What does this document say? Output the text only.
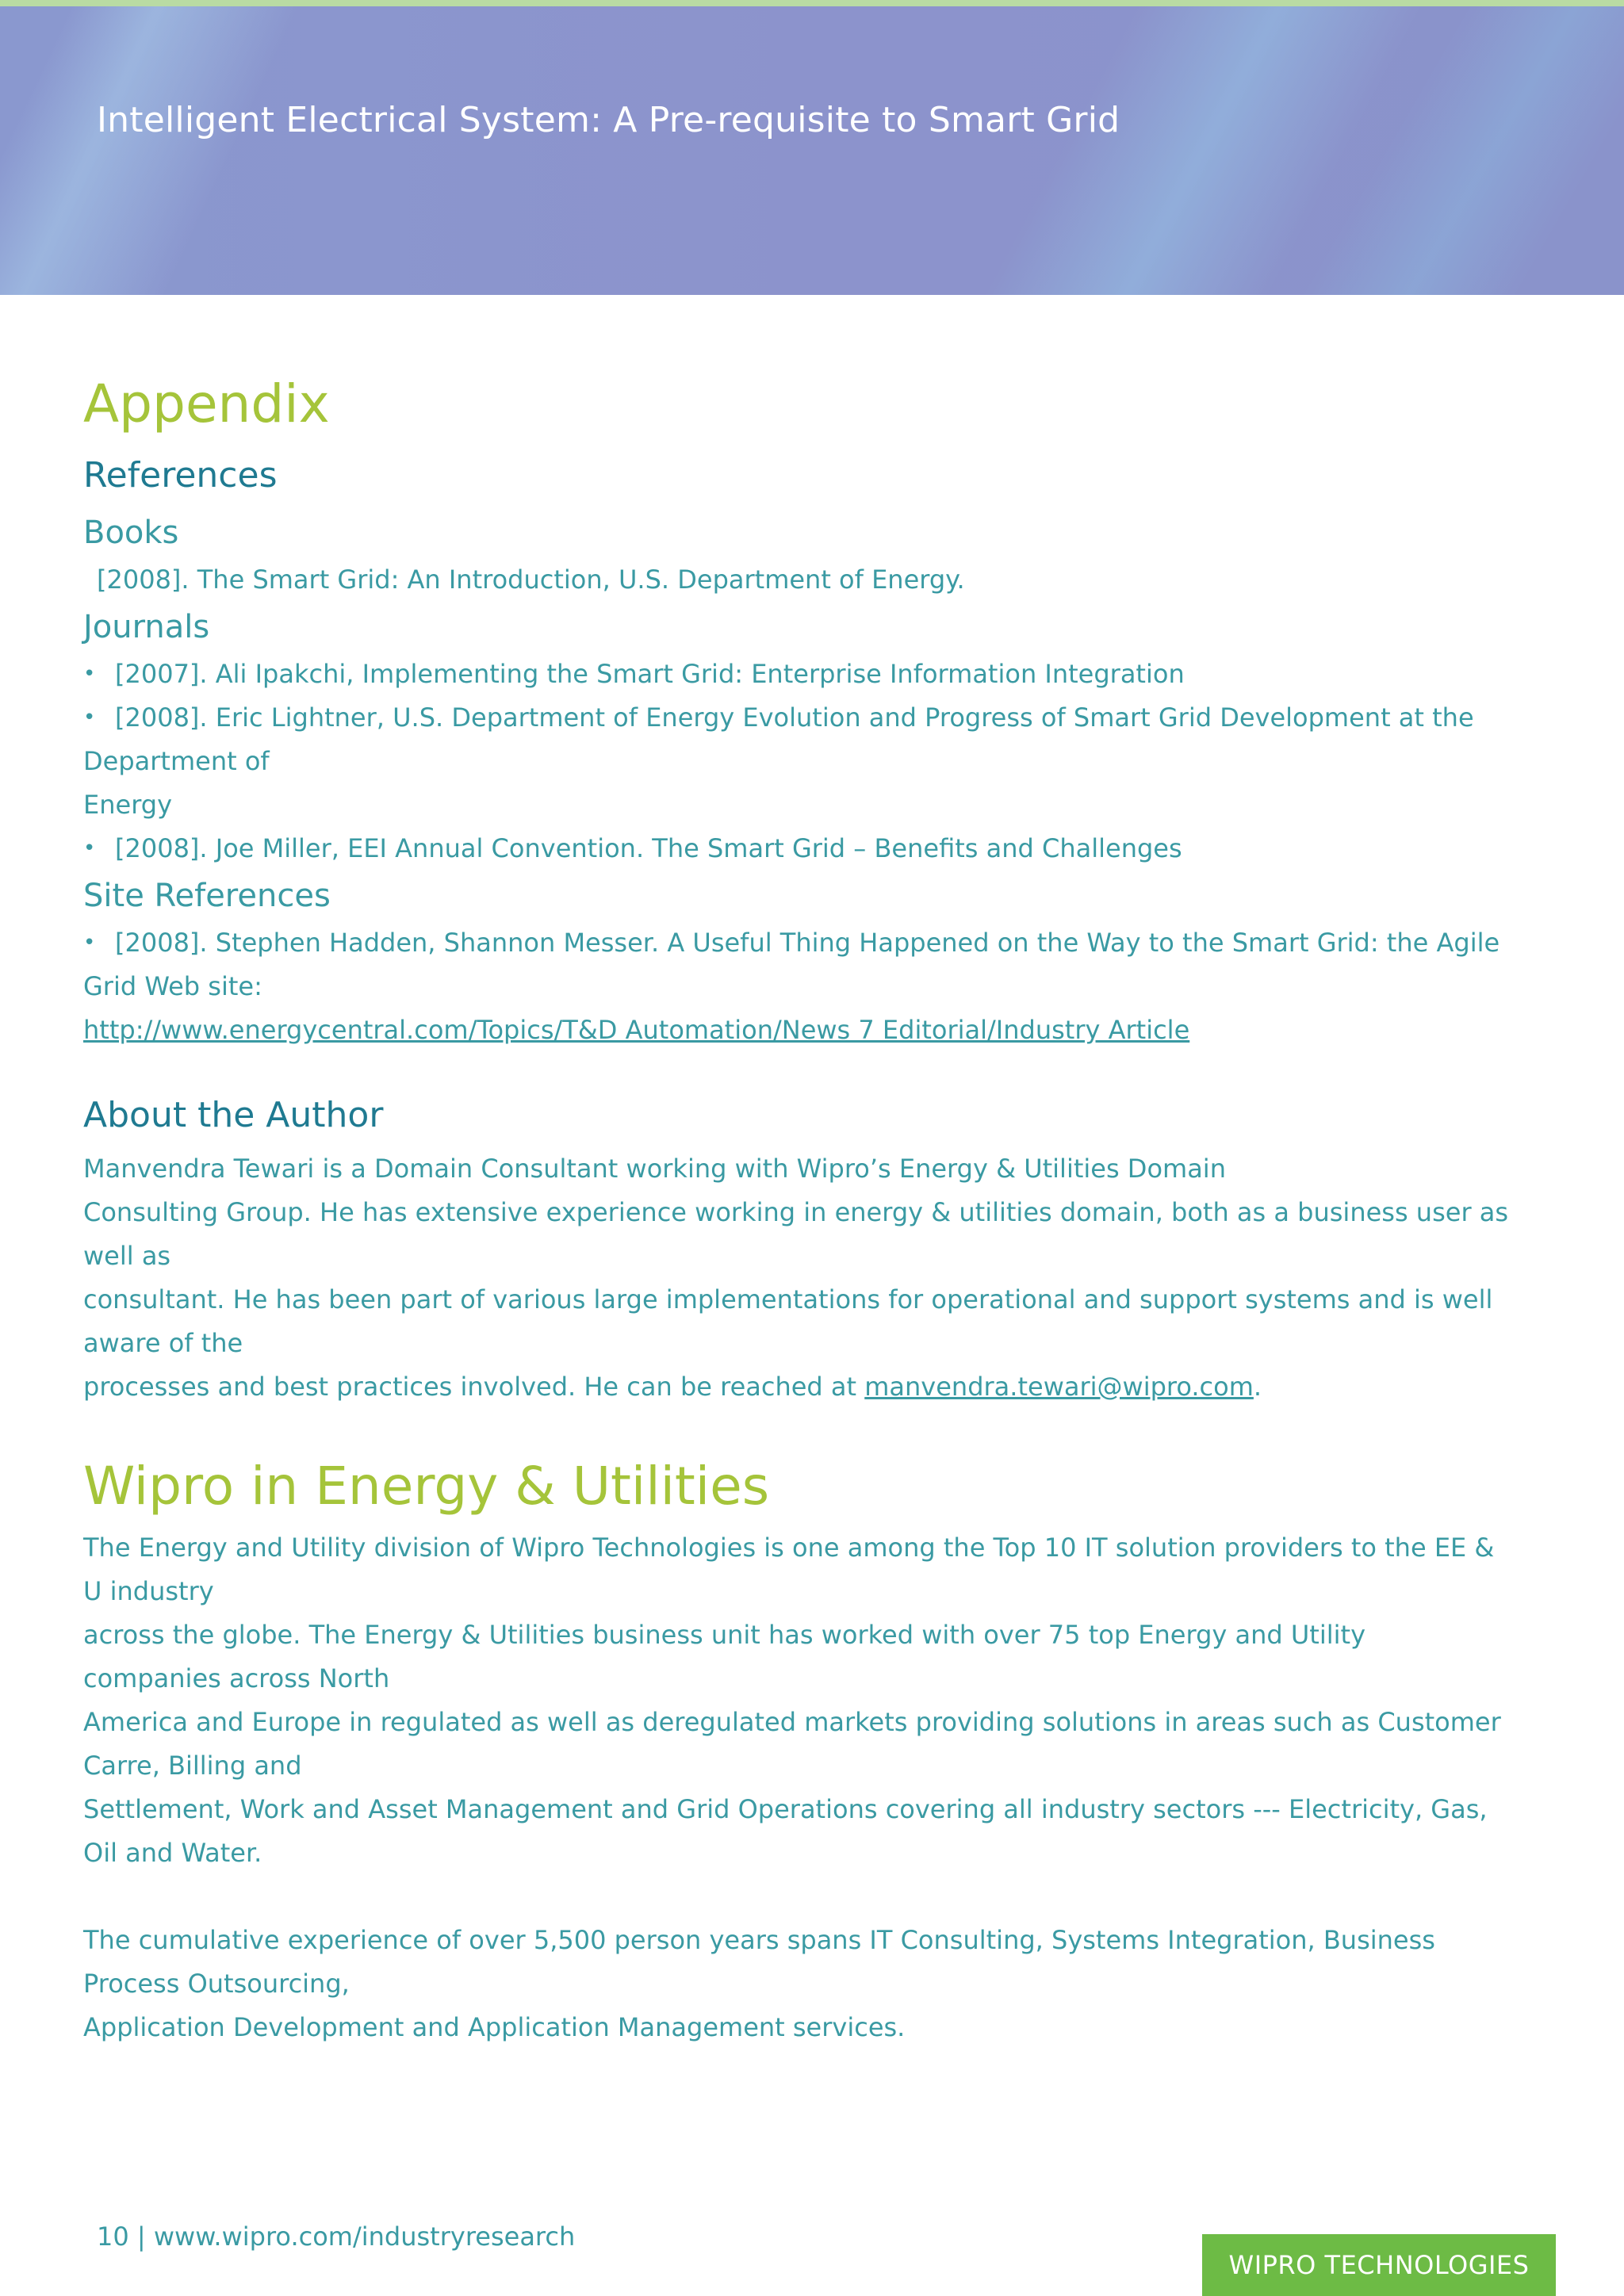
Intelligent Electrical System: A Pre-requisite to Smart Grid
Appendix
References
Books

[2008]. The Smart Grid: An Introduction, U.S. Department of Energy.

Journals

• [2007]. Ali Ipakchi, Implementing the Smart Grid: Enterprise Information Integration

• [2008]. Eric Lightner, U.S. Department of Energy Evolution and Progress of Smart Grid Development at the Department of

Energy

• [2008]. Joe Miller, EEI Annual Convention. The Smart Grid – Benefits and Challenges

Site References

• [2008]. Stephen Hadden, Shannon Messer. A Useful Thing Happened on the Way to the Smart Grid: the Agile Grid Web site:

http://www.energycentral.com/Topics/T&D Automation/News 7 Editorial/Industry Article

About the Author

Manvendra Tewari is a Domain Consultant working with Wipro’s Energy & Utilities Domain

Consulting Group. He has extensive experience working in energy & utilities domain, both as a business user as well as

consultant. He has been part of various large implementations for operational and support systems and is well aware of the

processes and best practices involved. He can be reached at manvendra.tewari@wipro.com.

Wipro in Energy & Utilities

The Energy and Utility division of Wipro Technologies is one among the Top 10 IT solution providers to the EE & U industry

across the globe. The Energy & Utilities business unit has worked with over 75 top Energy and Utility companies across North

America and Europe in regulated as well as deregulated markets providing solutions in areas such as Customer Carre, Billing and

Settlement, Work and Asset Management and Grid Operations covering all industry sectors --- Electricity, Gas, Oil and Water.

The cumulative experience of over 5,500 person years spans IT Consulting, Systems Integration, Business Process Outsourcing,

Application Development and Application Management services.

10 | www.wipro.com/industryresearch
WIPRO TECHNOLOGIES
